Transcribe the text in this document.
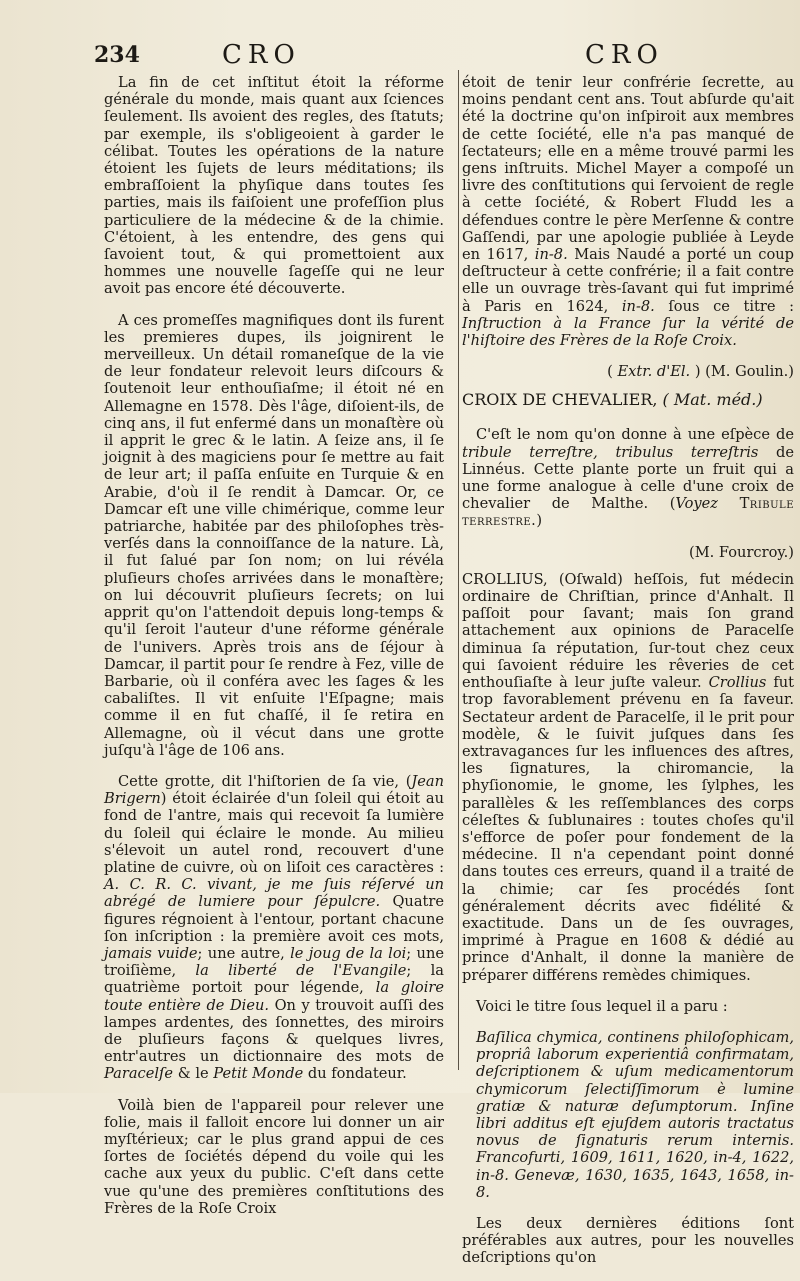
234	CRO	CRO

La fin de cet inſtitut étoit la réforme générale du monde, mais quant aux ſciences ſeulement. Ils avoient des regles, des ſtatuts; par exemple, ils s'obligeoient à garder le célibat. Toutes les opérations de la nature étoient les ſujets de leurs méditations; ils embraſſoient la phyſique dans toutes ſes parties, mais ils faiſoient une profeſſion plus particuliere de la médecine & de la chimie. C'étoient, à les entendre, des gens qui ſavoient tout, & qui promettoient aux hommes une nouvelle ſageſſe qui ne leur avoit pas encore été découverte.

A ces promeſſes magnifiques dont ils furent les premieres dupes, ils joignirent le merveilleux. Un détail romaneſque de la vie de leur fondateur relevoit leurs diſcours & ſoutenoit leur enthouſiaſme; il étoit né en Allemagne en 1578. Dès l'âge, diſoient-ils, de cinq ans, il fut enfermé dans un monaſtère où il apprit le grec & le latin. A ſeize ans, il ſe joignit à des magiciens pour ſe mettre au fait de leur art; il paſſa enſuite en Turquie & en Arabie, d'où il ſe rendit à Damcar. Or, ce Damcar eſt une ville chimérique, comme leur patriarche, habitée par des philoſophes très-verſés dans la connoiſſance de la nature. Là, il fut ſalué par ſon nom; on lui révéla pluſieurs choſes arrivées dans le monaſtère; on lui découvrit pluſieurs ſecrets; on lui apprit qu'on l'attendoit depuis long-temps & qu'il ſeroit l'auteur d'une réforme générale de l'univers. Après trois ans de ſéjour à Damcar, il partit pour ſe rendre à Fez, ville de Barbarie, où il conféra avec les ſages & les cabaliſtes. Il vit enſuite l'Eſpagne; mais comme il en fut chaſſé, il ſe retira en Allemagne, où il vécut dans une grotte juſqu'à l'âge de 106 ans.

Cette grotte, dit l'hiſtorien de ſa vie, (Jean Brigern) étoit éclairée d'un ſoleil qui étoit au fond de l'antre, mais qui recevoit ſa lumière du ſoleil qui éclaire le monde. Au milieu s'élevoit un autel rond, recouvert d'une platine de cuivre, où on liſoit ces caractères : A. C. R. C. vivant, je me ſuis réſervé un abrégé de lumiere pour ſépulcre. Quatre figures régnoient à l'entour, portant chacune ſon inſcription : la première avoit ces mots, jamais vuide; une autre, le joug de la loi; une troiſième, la liberté de l'Evangile; la quatrième portoit pour légende, la gloire toute entière de Dieu. On y trouvoit auſſi des lampes ardentes, des ſonnettes, des miroirs de pluſieurs façons & quelques livres, entr'autres un dictionnaire des mots de Paracelſe & le Petit Monde du fondateur.

Voilà bien de l'appareil pour relever une folie, mais il falloit encore lui donner un air myſtérieux; car le plus grand appui de ces ſortes de ſociétés dépend du voile qui les cache aux yeux du public. C'eſt dans cette vue qu'une des premières conſtitutions des Frères de la Roſe Croix

étoit de tenir leur confrérie ſecrette, au moins pendant cent ans. Tout abſurde qu'ait été la doctrine qu'on inſpiroit aux membres de cette ſociété, elle n'a pas manqué de ſectateurs; elle en a même trouvé parmi les gens inſtruits. Michel Mayer a compoſé un livre des conſtitutions qui ſervoient de regle à cette ſociété, & Robert Fludd les a défendues contre le père Merſenne & contre Gaſſendi, par une apologie publiée à Leyde en 1617, in-8. Mais Naudé a porté un coup deſtructeur à cette confrérie; il a fait contre elle un ouvrage très-ſavant qui fut imprimé à Paris en 1624, in-8. ſous ce titre : Inſtruction à la France ſur la vérité de l'hiſtoire des Frères de la Roſe Croix.

( Extr. d'El. ) (M. Goulin.)

CROIX DE CHEVALIER, ( Mat. méd.)

C'eſt le nom qu'on donne à une eſpèce de tribule terreſtre, tribulus terreſtris de Linnéus. Cette plante porte un fruit qui a une forme analogue à celle d'une croix de chevalier de Malthe. (Voyez Tribule terrestre.)

(M. Fourcroy.)

CROLLIUS, (Oſwald) heſſois, fut médecin ordinaire de Chriſtian, prince d'Anhalt. Il paſſoit pour ſavant; mais ſon grand attachement aux opinions de Paracelſe diminua ſa réputation, ſur-tout chez ceux qui ſavoient réduire les rêveries de cet enthouſiaſte à leur juſte valeur. Crollius fut trop favorablement prévenu en ſa faveur. Sectateur ardent de Paracelſe, il le prit pour modèle, & le ſuivit juſques dans ſes extravagances ſur les influences des aſtres, les ſignatures, la chiromancie, la phyſionomie, le gnome, les ſylphes, les parallèles & les reſſemblances des corps céleſtes & ſublunaires : toutes choſes qu'il s'efforce de poſer pour fondement de la médecine. Il n'a cependant point donné dans toutes ces erreurs, quand il a traité de la chimie; car ſes procédés ſont généralement décrits avec fidélité & exactitude. Dans un de ſes ouvrages, imprimé à Prague en 1608 & dédié au prince d'Anhalt, il donne la manière de préparer différens remèdes chimiques.

Voici le titre ſous lequel il a paru :

Baſilica chymica, continens philoſophicam, propriâ laborum experientiâ confirmatam, deſcriptionem & uſum medicamentorum chymicorum ſelectiſſimorum è lumine gratiæ & naturæ deſumptorum. Inſine libri additus eſt ejuſdem autoris tractatus novus de ſignaturis rerum internis. Francofurti, 1609, 1611, 1620, in-4, 1622, in-8. Genevæ, 1630, 1635, 1643, 1658, in-8.

Les deux dernières éditions ſont préférables aux autres, pour les nouvelles deſcriptions qu'on
